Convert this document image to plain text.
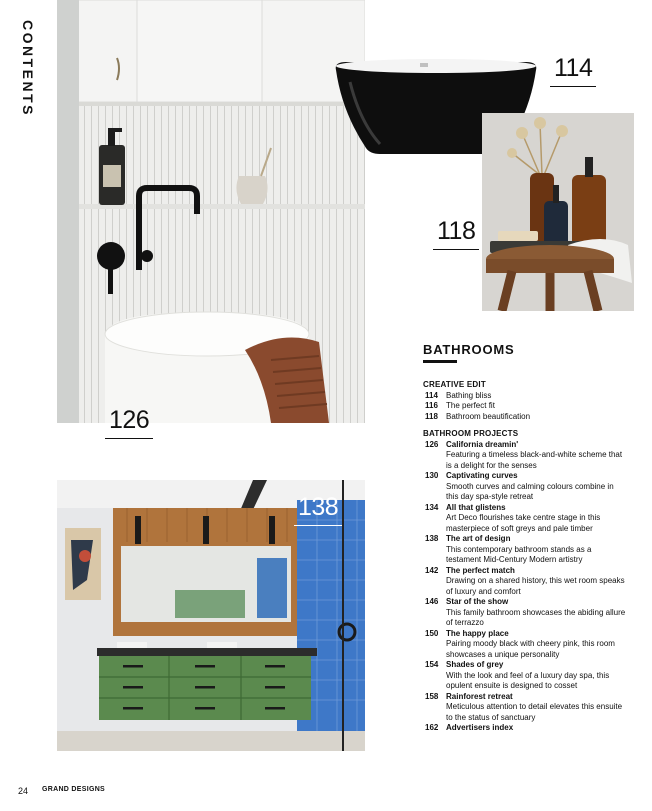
CONTENTS
126
114
118
138
BATHROOMS
CREATIVE EDIT
114	Bathing bliss
116	The perfect fit
118	Bathroom beautification
BATHROOM PROJECTS
126 California dreamin'
Featuring a timeless black-and-white scheme that is a delight for the senses
130 Captivating curves
Smooth curves and calming colours combine in this day spa-style retreat
134 All that glistens
Art Deco flourishes take centre stage in this masterpiece of soft greys and pale timber
138 The art of design
This contemporary bathroom stands as a testament Mid-Century Modern artistry
142 The perfect match
Drawing on a shared history, this wet room speaks of luxury and comfort
146 Star of the show
This family bathroom showcases the abiding allure of terrazzo
150 The happy place
Pairing moody black with cheery pink, this room showcases a unique personality
154 Shades of grey
With the look and feel of a luxury day spa, this opulent ensuite is designed to cosset
158 Rainforest retreat
Meticulous attention to detail elevates this ensuite to the status of sanctuary
162 Advertisers index
24 GRAND DESIGNS
